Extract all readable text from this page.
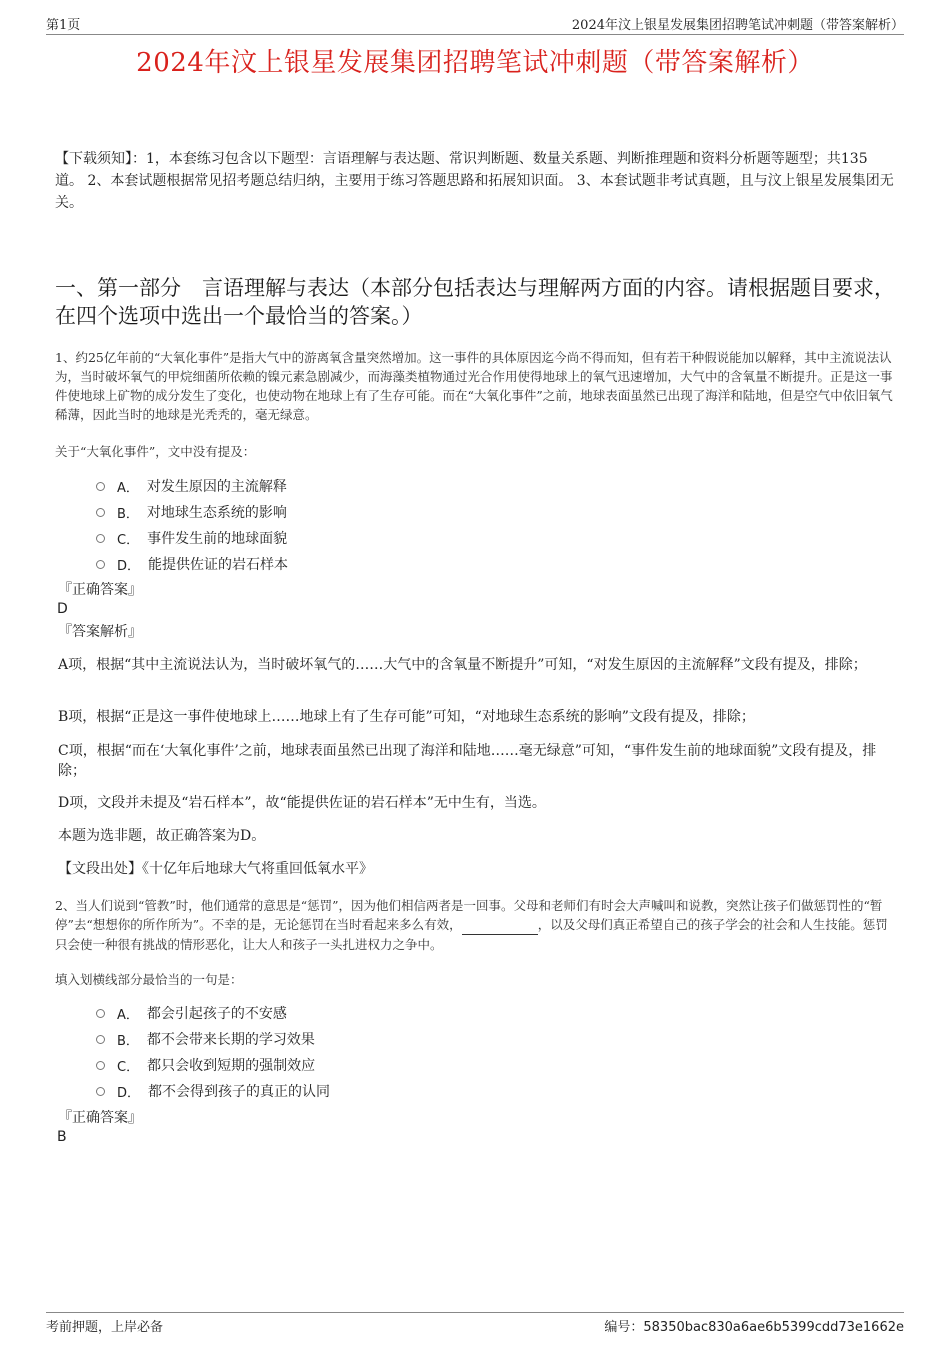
第1页	2024年汶上银星发展集团招聘笔试冲刺题（带答案解析）
2024年汶上银星发展集团招聘笔试冲刺题（带答案解析）
【下载须知】：1，本套练习包含以下题型：言语理解与表达题、常识判断题、数量关系题、判断推理题和资料分析题等题型；共135道。 2、本套试题根据常见招考题总结归纳，主要用于练习答题思路和拓展知识面。 3、本套试题非考试真题，且与汶上银星发展集团无关。
一、第一部分　言语理解与表达（本部分包括表达与理解两方面的内容。请根据题目要求，在四个选项中选出一个最恰当的答案。）
1、约25亿年前的“大氧化事件”是指大气中的游离氧含量突然增加。这一事件的具体原因迄今尚不得而知，但有若干种假说能加以解释，其中主流说法认为，当时破坏氧气的甲烷细菌所依赖的镍元素急剧减少，而海藻类植物通过光合作用使得地球上的氧气迅速增加，大气中的含氧量不断提升。正是这一事件使地球上矿物的成分发生了变化，也使动物在地球上有了生存可能。而在“大氧化事件”之前，地球表面虽然已出现了海洋和陆地，但是空气中依旧氧气稀薄，因此当时的地球是光秃秃的，毫无绿意。
关于“大氧化事件”，文中没有提及：
A． 对发生原因的主流解释
B． 对地球生态系统的影响
C． 事件发生前的地球面貌
D． 能提供佐证的岩石样本
『正确答案』
D
『答案解析』
A项，根据“其中主流说法认为，当时破坏氧气的……大气中的含氧量不断提升”可知，“对发生原因的主流解释”文段有提及，排除；
B项，根据“正是这一事件使地球上……地球上有了生存可能”可知，“对地球生态系统的影响”文段有提及，排除；
C项，根据“而在‘大氧化事件’之前，地球表面虽然已出现了海洋和陆地……毫无绿意”可知，“事件发生前的地球面貌”文段有提及，排除；
D项，文段并未提及“岩石样本”，故“能提供佐证的岩石样本”无中生有，当选。
本题为选非题，故正确答案为D。
【文段出处】《十亿年后地球大气将重回低氧水平》
2、当人们说到“管教”时，他们通常的意思是“惩罚”，因为他们相信两者是一回事。父母和老师们有时会大声喊叫和说教，突然让孩子们做惩罚性的“暂停”去“想想你的所作所为”。不幸的是，无论惩罚在当时看起来多么有效，	，以及父母们真正希望自己的孩子学会的社会和人生技能。惩罚只会使一种很有挑战的情形恶化，让大人和孩子一头扎进权力之争中。
填入划横线部分最恰当的一句是：
A． 都会引起孩子的不安感
B． 都不会带来长期的学习效果
C． 都只会收到短期的强制效应
D． 都不会得到孩子的真正的认同
『正确答案』
B
考前押题，上岸必备	编号：58350bac830a6ae6b5399cdd73e1662e
